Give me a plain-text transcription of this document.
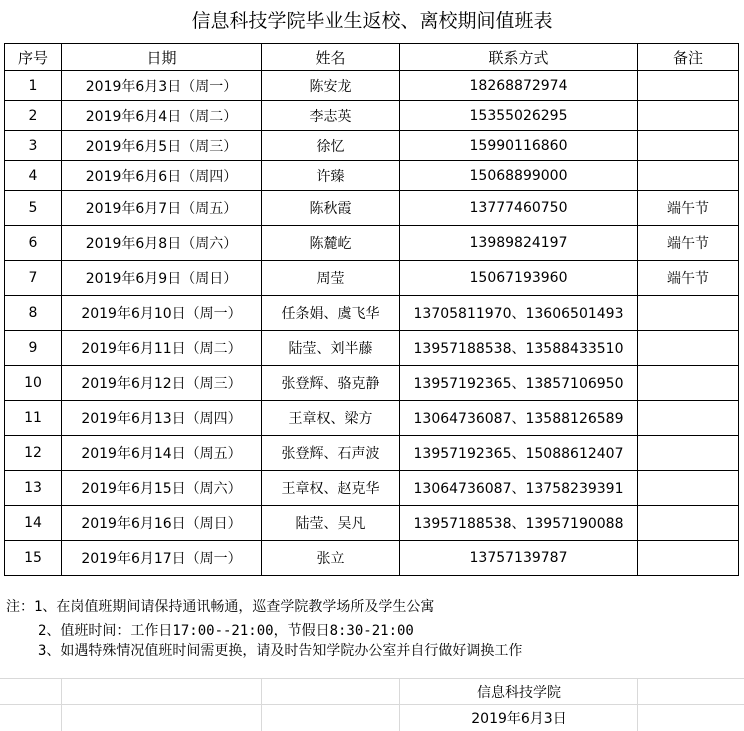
信息科技学院毕业生返校、离校期间值班表
序号	日期	姓名	联系方式	备注
1	2019年6月3日（周一）	陈安龙	18268872974	
2	2019年6月4日（周二）	李志英	15355026295	
3	2019年6月5日（周三）	徐忆	15990116860	
4	2019年6月6日（周四）	许臻	15068899000	
5	2019年6月7日（周五）	陈秋霞	13777460750	端午节
6	2019年6月8日（周六）	陈麓屹	13989824197	端午节
7	2019年6月9日（周日）	周莹	15067193960	端午节
8	2019年6月10日（周一）	任条娟、虞飞华	13705811970、13606501493	
9	2019年6月11日（周二）	陆莹、刘半藤	13957188538、13588433510	
10	2019年6月12日（周三）	张登辉、骆克静	13957192365、13857106950	
11	2019年6月13日（周四）	王章权、梁方	13064736087、13588126589	
12	2019年6月14日（周五）	张登辉、石声波	13957192365、15088612407	
13	2019年6月15日（周六）	王章权、赵克华	13064736087、13758239391	
14	2019年6月16日（周日）	陆莹、吴凡	13957188538、13957190088	
15	2019年6月17日（周一）	张立	13757139787	
注：1、在岗值班期间请保持通讯畅通，巡查学院教学场所及学生公寓
2、值班时间：工作日17:00--21:00，节假日8:30-21:00
3、如遇特殊情况值班时间需更换，请及时告知学院办公室并自行做好调换工作
信息科技学院
2019年6月3日
